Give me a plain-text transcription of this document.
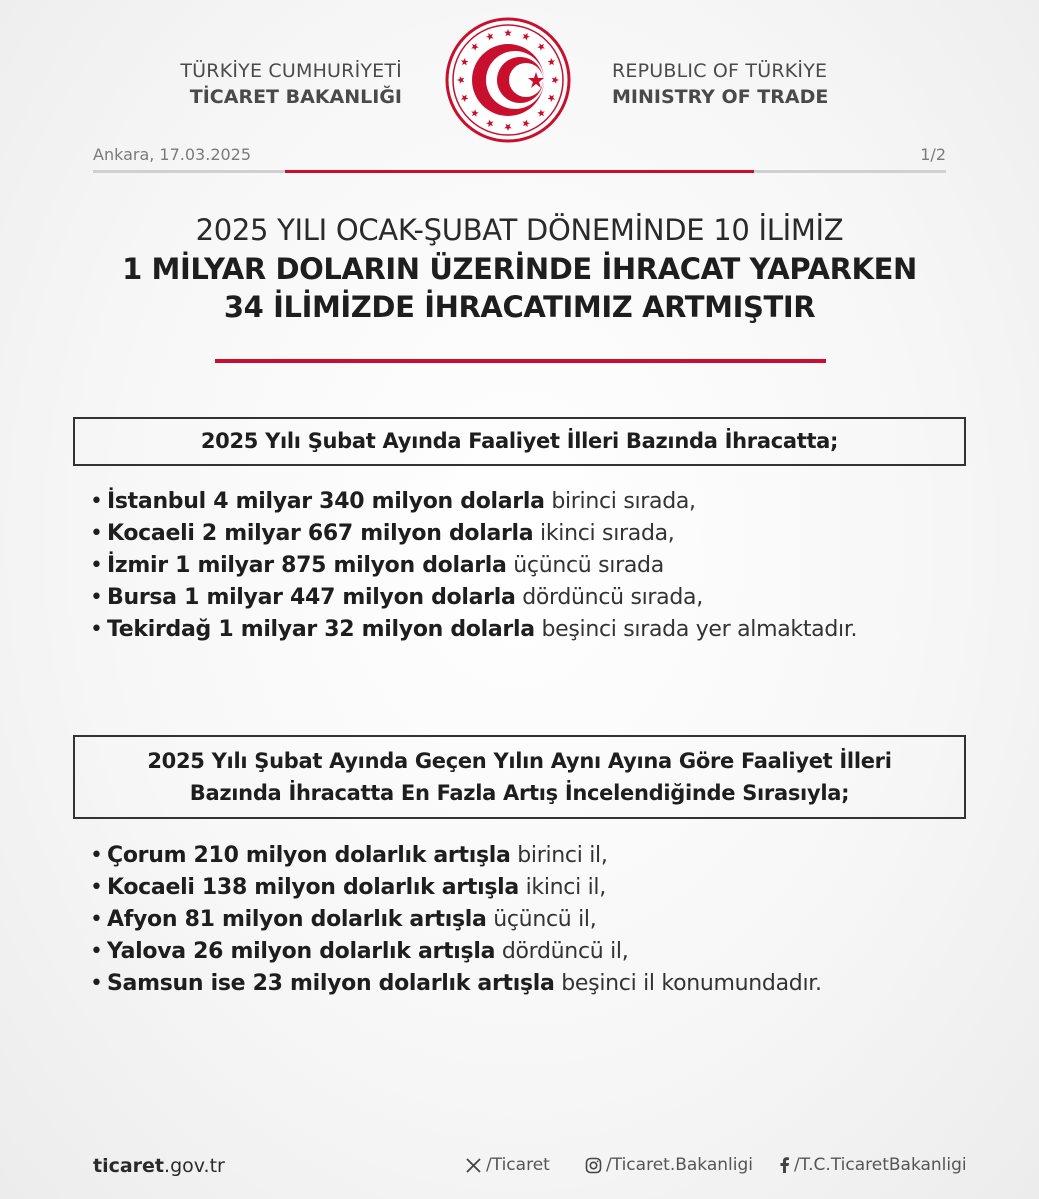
TÜRKİYE CUMHURİYETİ
TİCARET BAKANLIĞI
REPUBLIC OF TÜRKİYE
MINISTRY OF TRADE
Ankara, 17.03.2025	1/2
2025 YILI OCAK-ŞUBAT DÖNEMİNDE 10 İLİMİZ
1 MİLYAR DOLARIN ÜZERİNDE İHRACAT YAPARKEN
34 İLİMİZDE İHRACATIMIZ ARTMIŞTIR
2025 Yılı Şubat Ayında Faaliyet İlleri Bazında İhracatta;
• İstanbul 4 milyar 340 milyon dolarla birinci sırada,
• Kocaeli 2 milyar 667 milyon dolarla ikinci sırada,
• İzmir 1 milyar 875 milyon dolarla üçüncü sırada
• Bursa 1 milyar 447 milyon dolarla dördüncü sırada,
• Tekirdağ 1 milyar 32 milyon dolarla beşinci sırada yer almaktadır.
2025 Yılı Şubat Ayında Geçen Yılın Aynı Ayına Göre Faaliyet İlleri
Bazında İhracatta En Fazla Artış İncelendiğinde Sırasıyla;
• Çorum 210 milyon dolarlık artışla birinci il,
• Kocaeli 138 milyon dolarlık artışla ikinci il,
• Afyon 81 milyon dolarlık artışla üçüncü il,
• Yalova 26 milyon dolarlık artışla dördüncü il,
• Samsun ise 23 milyon dolarlık artışla beşinci il konumundadır.
ticaret.gov.tr	/Ticaret	/Ticaret.Bakanligi /T.C.TicaretBakanligi
